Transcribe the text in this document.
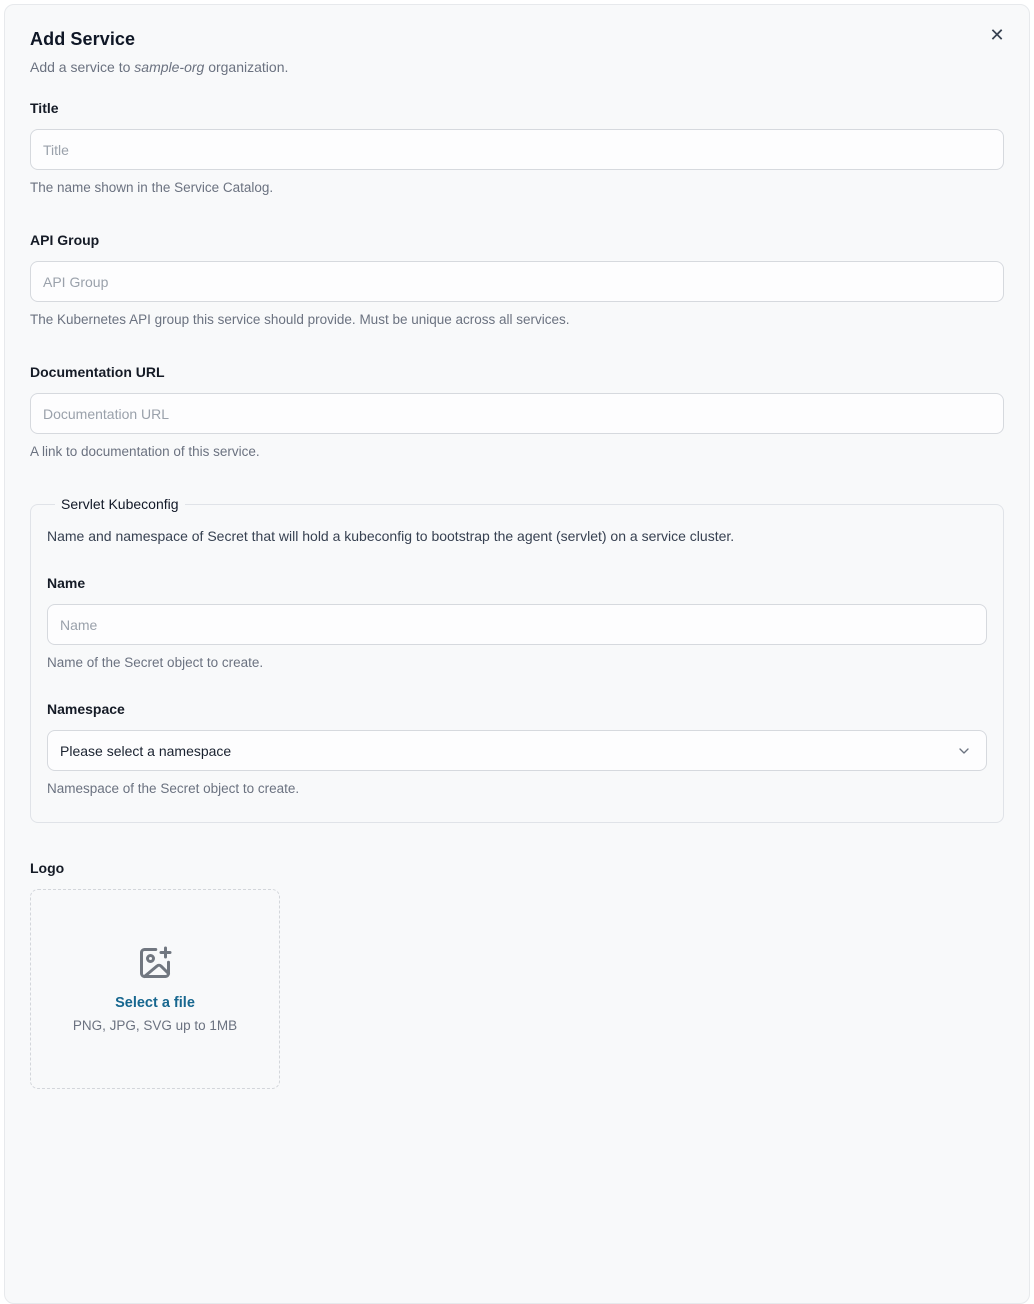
✕
Add Service

Add a service to sample-org organization.

Title
Title
The name shown in the Service Catalog.
API Group
API Group
The Kubernetes API group this service should provide. Must be unique across all services.
Documentation URL
Documentation URL
A link to documentation of this service.
Servlet Kubeconfig

Name and namespace of Secret that will hold a kubeconfig to bootstrap the agent (servlet) on a service cluster.

Name
Name
Name of the Secret object to create.
Namespace
Please select a namespace
Namespace of the Secret object to create.
Logo
Select a file
PNG, JPG, SVG up to 1MB
